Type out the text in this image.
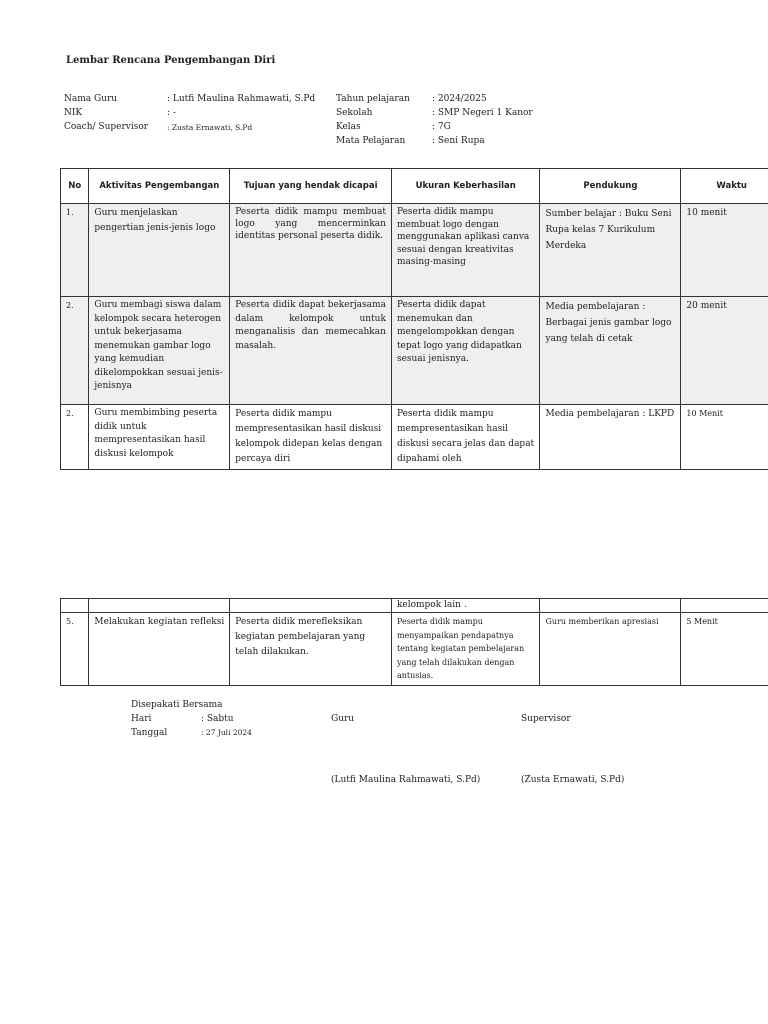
Lembar Rencana Pengembangan Diri
Nama Guru	: Lutfi Maulina Rahmawati, S.Pd
NIK	: -
Coach/ Supervisor	: Zusta Ernawati, S.Pd
Tahun pelajaran : 2024/2025
Sekolah	: SMP Negeri 1 Kanor
Kelas	: 7G
Mata Pelajaran	: Seni Rupa
No	Aktivitas Pengembangan	Tujuan yang hendak dicapai	Ukuran Keberhasilan	Pendukung	Waktu
1.	Guru menjelaskan pengertian jenis-jenis logo	Peserta didik mampu membuat logo yang mencerminkan identitas personal peserta didik.	Peserta didik mampu membuat logo dengan menggunakan aplikasi canva sesuai dengan kreativitas masing-masing	Sumber belajar : Buku Seni Rupa kelas 7 Kurikulum Merdeka	10 menit
2.	Guru membagi siswa dalam kelompok secara heterogen untuk bekerjasama menemukan gambar logo yang kemudian dikelompokkan sesuai jenis-jenisnya	Peserta didik dapat bekerjasama dalam kelompok untuk menganalisis dan memecahkan masalah.	Peserta didik dapat menemukan dan mengelompokkan dengan tepat logo yang didapatkan sesuai jenisnya.	Media pembelajaran : Berbagai jenis gambar logo yang telah di cetak	20 menit
2.	Guru membimbing peserta didik untuk mempresentasikan hasil diskusi kelompok	Peserta didik mampu mempresentasikan hasil diskusi kelompok didepan kelas dengan percaya diri	Peserta didik mampu mempresentasikan hasil diskusi secara jelas dan dapat dipahami oleh	Media pembelajaran : LKPD	10 Menit
			kelompok lain .		
5.	Melakukan kegiatan refleksi	Peserta didik merefleksikan kegiatan pembelajaran yang telah dilakukan.	Peserta didik mampu menyampaikan pendapatnya tentang kegiatan pembelajaran yang telah dilakukan dengan antusias.	Guru memberikan apresiasi	5 Menit
Disepakati Bersama
Hari	: Sabtu
Tanggal	: 27 Juli 2024
Guru	Supervisor
(Lutfi Maulina Rahmawati, S.Pd)	(Zusta Ernawati, S.Pd)
